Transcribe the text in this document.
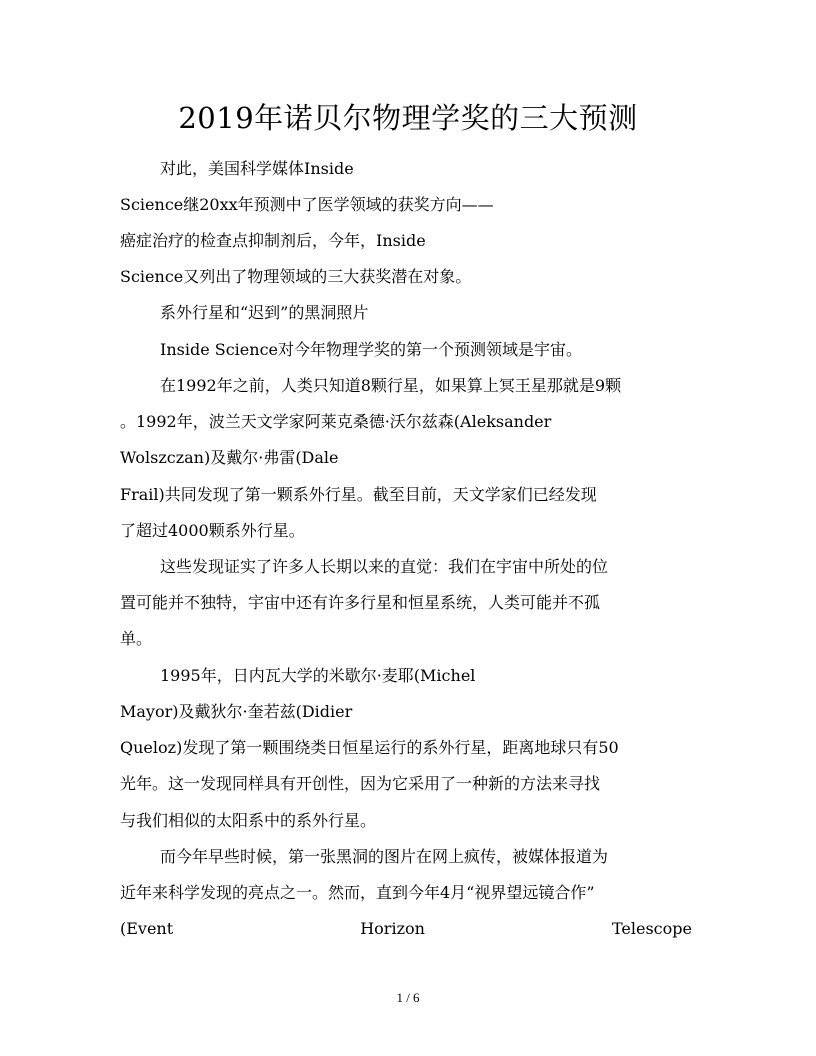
2019年诺贝尔物理学奖的三大预测
对此，美国科学媒体Inside
Science继20xx年预测中了医学领域的获奖方向——
癌症治疗的检查点抑制剂后，今年，Inside
Science又列出了物理领域的三大获奖潜在对象。
系外行星和“迟到”的黑洞照片
Inside Science对今年物理学奖的第一个预测领域是宇宙。
在1992年之前，人类只知道8颗行星，如果算上冥王星那就是9颗
。1992年，波兰天文学家阿莱克桑德·沃尔兹森(Aleksander
Wolszczan)及戴尔·弗雷(Dale
Frail)共同发现了第一颗系外行星。截至目前，天文学家们已经发现
了超过4000颗系外行星。
这些发现证实了许多人长期以来的直觉：我们在宇宙中所处的位
置可能并不独特，宇宙中还有许多行星和恒星系统，人类可能并不孤
单。
1995年，日内瓦大学的米歇尔·麦耶(Michel
Mayor)及戴狄尔·奎若兹(Didier
Queloz)发现了第一颗围绕类日恒星运行的系外行星，距离地球只有50
光年。这一发现同样具有开创性，因为它采用了一种新的方法来寻找
与我们相似的太阳系中的系外行星。
而今年早些时候，第一张黑洞的图片在网上疯传，被媒体报道为
近年来科学发现的亮点之一。然而，直到今年4月“视界望远镜合作”
(Event	Horizon	Telescope
1 / 6
